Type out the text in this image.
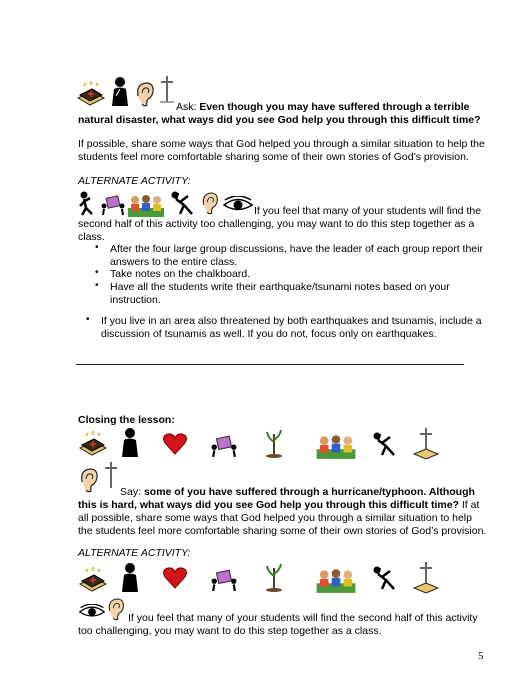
Ask: Even though you may have suffered through a terrible
natural disaster, what ways did you see God help you through this difficult time?
If possible, share some ways that God helped you through a similar situation to help the
students feel more comfortable sharing some of their own stories of God’s provision.
ALTERNATE ACTIVITY:
If you feel that many of your students will find the
second half of this activity too challenging, you may want to do this step together as a
class.
• After the four large group discussions, have the leader of each group report their
answers to the entire class.
• Take notes on the chalkboard.
• Have all the students write their earthquake/tsunami notes based on your
instruction.
• If you live in an area also threatened by both earthquakes and tsunamis, include a
discussion of tsunamis as well. If you do not, focus only on earthquakes.
Closing the lesson:
Say: some of you have suffered through a hurricane/typhoon. Although
this is hard, what ways did you see God help you through this difficult time? If at
all possible, share some ways that God helped you through a similar situation to help
the students feel more comfortable sharing some of their own stories of God’s provision.
ALTERNATE ACTIVITY:
If you feel that many of your students will find the second half of this activity
too challenging, you may want to do this step together as a class.
5
